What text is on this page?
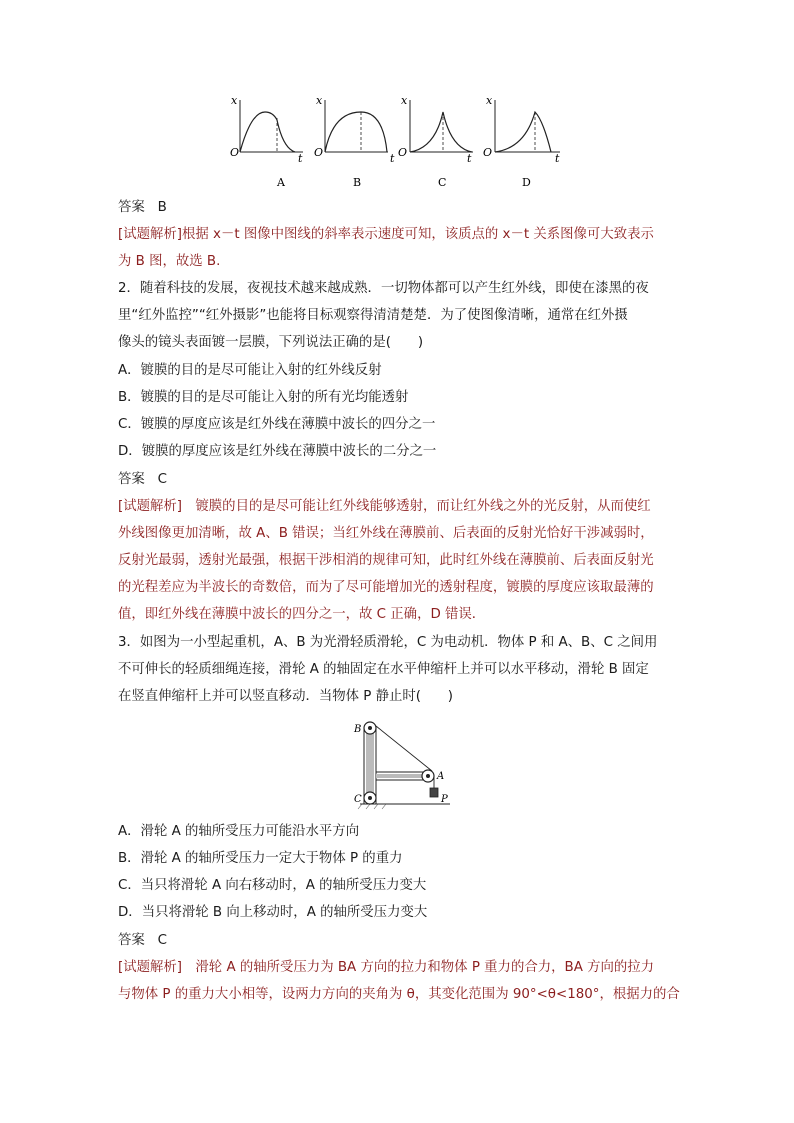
x
O	t
x
O	t
x
O	t
x
O	t
A	B	C	D
答案 B
[试题解析]根据 x－t 图像中图线的斜率表示速度可知，该质点的 x－t 关系图像可大致表示
为 B 图，故选 B.
2．随着科技的发展，夜视技术越来越成熟．一切物体都可以产生红外线，即使在漆黑的夜
里“红外监控”“红外摄影”也能将目标观察得清清楚楚．为了使图像清晰，通常在红外摄
像头的镜头表面镀一层膜，下列说法正确的是(　　)
A．镀膜的目的是尽可能让入射的红外线反射
B．镀膜的目的是尽可能让入射的所有光均能透射
C．镀膜的厚度应该是红外线在薄膜中波长的四分之一
D．镀膜的厚度应该是红外线在薄膜中波长的二分之一
答案 C
[试题解析]　镀膜的目的是尽可能让红外线能够透射，而让红外线之外的光反射，从而使红
外线图像更加清晰，故 A、B 错误；当红外线在薄膜前、后表面的反射光恰好干涉减弱时，
反射光最弱，透射光最强，根据干涉相消的规律可知，此时红外线在薄膜前、后表面反射光
的光程差应为半波长的奇数倍，而为了尽可能增加光的透射程度，镀膜的厚度应该取最薄的
值，即红外线在薄膜中波长的四分之一，故 C 正确，D 错误．
3．如图为一小型起重机，A、B 为光滑轻质滑轮，C 为电动机．物体 P 和 A、B、C 之间用
不可伸长的轻质细绳连接，滑轮 A 的轴固定在水平伸缩杆上并可以水平移动，滑轮 B 固定
在竖直伸缩杆上并可以竖直移动．当物体 P 静止时(　　)
B
A
C	P
A．滑轮 A 的轴所受压力可能沿水平方向
B．滑轮 A 的轴所受压力一定大于物体 P 的重力
C．当只将滑轮 A 向右移动时，A 的轴所受压力变大
D．当只将滑轮 B 向上移动时，A 的轴所受压力变大
答案 C
[试题解析]　滑轮 A 的轴所受压力为 BA 方向的拉力和物体 P 重力的合力，BA 方向的拉力
与物体 P 的重力大小相等，设两力方向的夹角为 θ，其变化范围为 90°<θ<180°，根据力的合
